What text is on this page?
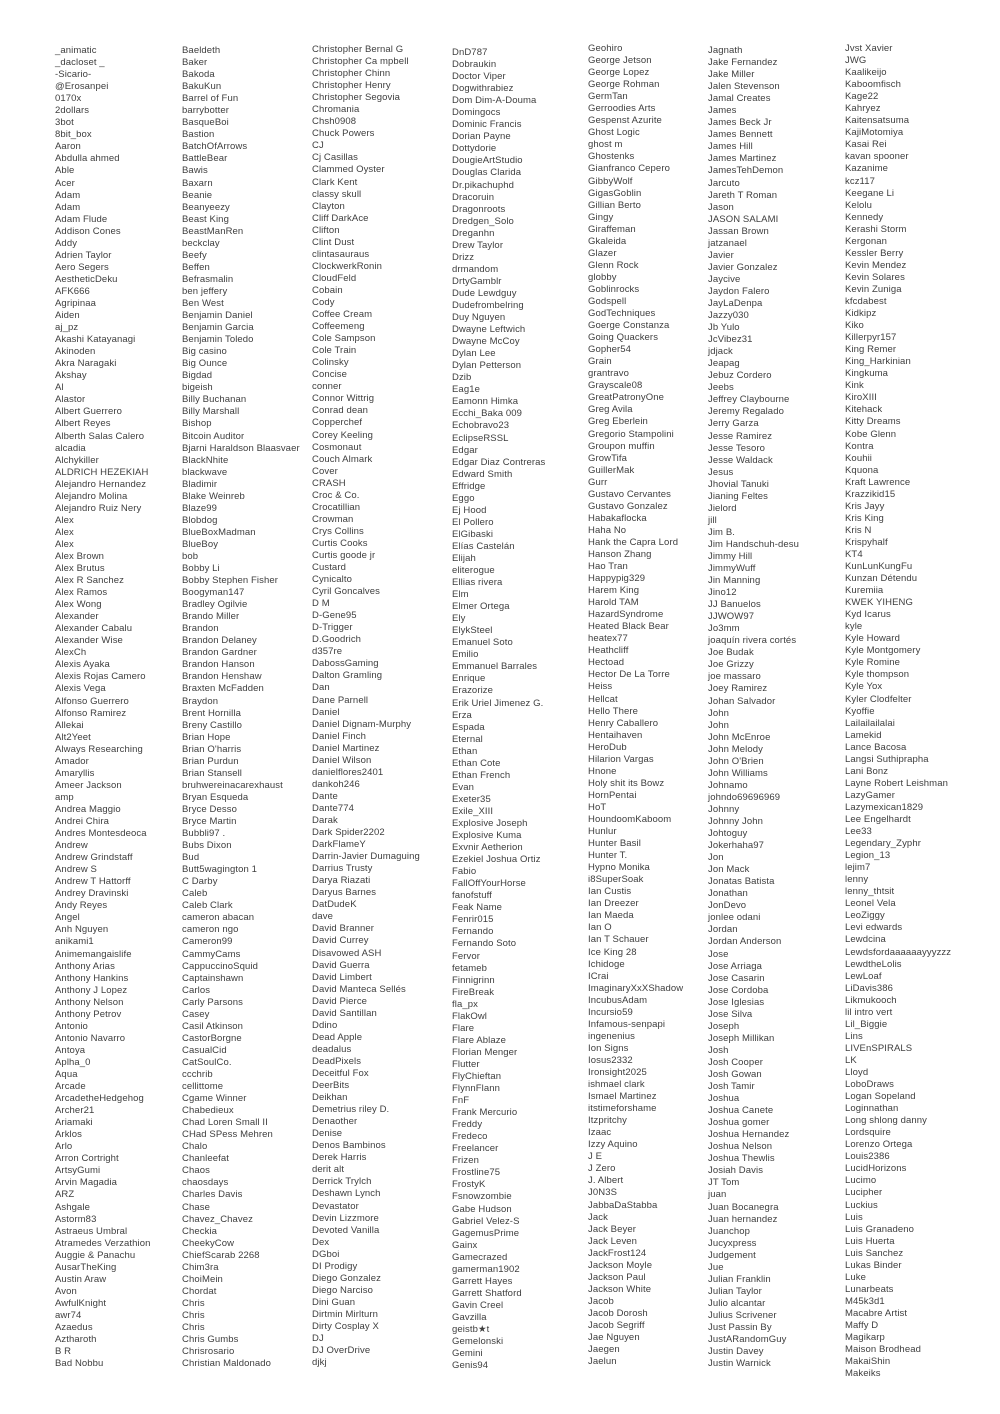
_animatic
_dacloset _
-Sicario-
@Erosanpei
0170x
2dollars
3bot
8bit_box
Aaron
Abdulla ahmed
Able
Acer
Adam
Adam
Adam Flude
Addison Cones
Addy
Adrien Taylor
Aero Segers
AestheticDeku
AFK666
Agripinaa
Aiden
aj_pz
Akashi Katayanagi
Akinoden
Akra Naragaki
Akshay
Al
Alastor
Albert Guerrero
Albert Reyes
Alberth Salas Calero
alcadia
Alchykiller
ALDRICH HEZEKIAH
Alejandro Hernandez
Alejandro Molina
Alejandro Ruiz Nery
Alex
Alex
Alex
Alex Brown
Alex Brutus
Alex R Sanchez
Alex Ramos
Alex Wong
Alexander
Alexander Cabalu
Alexander Wise
AlexCh
Alexis Ayaka
Alexis Rojas Camero
Alexis Vega
Alfonso Guerrero
Alfonso Ramirez
Allekai
Alt2Yeet
Always Researching
Amador
Amaryllis
Ameer Jackson
amp
Andrea Maggio
Andrei Chira
Andres Montesdeoca
Andrew
Andrew Grindstaff
Andrew S
Andrew T Hattorff
Andrey Dravinski
Andy Reyes
Angel
Anh Nguyen
anikami1
Animemangaislife
Anthony Arias
Anthony Hankins
Anthony J Lopez
Anthony Nelson
Anthony Petrov
Antonio
Antonio Navarro
Antoya
Aplha_0
Aqua
Arcade
ArcadetheHedgehog
Archer21
Ariamaki
Arklos
Arlo
Arron Cortright
ArtsyGumi
Arvin Magadia
ARZ
Ashgale
Astorm83
Astraeus Umbral
Atramedes Verzathion
Auggie & Panachu
AusarTheKing
Austin Araw
Avon
AwfulKnight
awr74
Azaedus
Aztharoth
B R
Bad Nobbu
Baeldeth
Baker
Bakoda
BakuKun
Barrel of Fun
barrybotter
BasqueBoi
Bastion
BatchOfArrows
BattleBear
Bawis
Baxarn
Beanie
Beanyeezy
Beast King
BeastManRen
beckclay
Beefy
Beffen
Befrasmalin
ben jeffery
Ben West
Benjamin Daniel
Benjamin Garcia
Benjamin Toledo
Big casino
Big Ounce
Bigdad
bigeish
Billy Buchanan
Billy Marshall
Bishop
Bitcoin Auditor
Bjarni Haraldson Blaasvaer
BlackNhite
blackwave
Bladimir
Blake Weinreb
Blaze99
Blobdog
BlueBoxMadman
BlueBoy
bob
Bobby Li
Bobby Stephen Fisher
Boogyman147
Bradley Ogilvie
Brando Miller
Brandon
Brandon Delaney
Brandon Gardner
Brandon Hanson
Brandon Henshaw
Braxten McFadden
Braydon
Brent Hornilla
Breny Castillo
Brian Hope
Brian O'harris
Brian Purdun
Brian Stansell
bruhwereinacarexhaust
Bryan Esqueda
Bryce Desso
Bryce Martin
Bubbli97 .
Bubs Dixon
Bud
Butt5wagington 1
C Darby
Caleb
Caleb Clark
cameron abacan
cameron ngo
Cameron99
CammyCams
CappuccinoSquid
Captainshawn
Carlos
Carly Parsons
Casey
Casil Atkinson
CastorBorgne
CasualCid
CatSoulCo.
ccchrib
cellittome
Cgame Winner
Chabedieux
Chad Loren Small II
CHad SPess Mehren
Chalo
Chanleefat
Chaos
chaosdays
Charles Davis
Chase
Chavez_Chavez
Checkia
CheekyCow
ChiefScarab 2268
Chim3ra
ChoiMein
Chordat
Chris
Chris
Chris
Chris Gumbs
Chrisrosario
Christian Maldonado
Christopher Bernal G
Christopher Ca mpbell
Christopher Chinn
Christopher Henry
Christopher Segovia
Chromania
Chsh0908
Chuck Powers
CJ
Cj Casillas
Clammed Oyster
Clark Kent
classy skull
Clayton
Cliff DarkAce
Clifton
Clint Dust
clintasauraus
ClockwerkRonin
CloudFeld
Cobain
Cody
Coffee Cream
Coffeemeng
Cole Sampson
Cole Train
Colinsky
Concise
conner
Connor Wittrig
Conrad dean
Copperchef
Corey Keeling
Cosmonaut
Couch Almark
Cover
CRASH
Croc & Co.
Crocatillian
Crowman
Crys Collins
Curtis Cooks
Curtis goode jr
Custard
Cynicalto
Cyril Goncalves
D M
D-Gene95
D-Trigger
D.Goodrich
d357re
DabossGaming
Dalton Gramling
Dan
Dane Parnell
Daniel
Daniel Dignam-Murphy
Daniel Finch
Daniel Martinez
Daniel Wilson
danielflores2401
dankoh246
Dante
Dante774
Darak
Dark Spider2202
DarkFlameY
Darrin-Javier Dumaguing
Darrius Trusty
Darya Riazati
Daryus Barnes
DatDudeK
dave
David Branner
David Currey
Disavowed ASH
David Guerra
David Limbert
David Manteca Sellés
David Pierce
David Santillan
Ddino
Dead Apple
deadalus
DeadPixels
Deceitful Fox
DeerBits
Deikhan
Demetrius riley D.
Denaother
Denise
Denos Bambinos
Derek Harris
derit alt
Derrick Trylch
Deshawn Lynch
Devastator
Devin Lizzmore
Devoted Vanilla
Dex
DGboi
DI Prodigy
Diego Gonzalez
Diego Narciso
Dini Guan
Dirtmin Mirlturn
Dirty Cosplay X
DJ
DJ OverDrive
djkj
DnD787
Dobraukin
Doctor Viper
Dogwithrabiez
Dom Dim-A-Douma
Domingocs
Dominic Francis
Dorian Payne
Dottydorie
DougieArtStudio
Douglas Clarida
Dr.pikachuphd
Dracoruin
Dragonroots
Dredgen_Solo
Dreganhn
Drew Taylor
Drizz
drmandom
DrtyGamblr
Dude Lewdguy
Dudefrombelring
Duy Nguyen
Dwayne Leftwich
Dwayne McCoy
Dylan Lee
Dylan Petterson
Dzib
Eag1e
Eamonn Himka
Ecchi_Baka 009
Echobravo23
EclipseRSSL
Edgar
Edgar Diaz Contreras
Edward Smith
Effridge
Eggo
Ej Hood
El Pollero
ElGibaski
Elías Castelán
Elijah
eliterogue
Ellias rivera
Elm
Elmer Ortega
Ely
ElykSteel
Emanuel Soto
Emilio
Emmanuel Barrales
Enrique
Erazorize
Erik Uriel Jimenez G.
Erza
Espada
Eternal
Ethan
Ethan Cote
Ethan French
Evan
Exeter35
Exile_XIII
Explosive Joseph
Explosive Kuma
Exvnir Aetherion
Ezekiel Joshua Ortiz
Fabio
FallOffYourHorse
fanofstuff
Feak Name
Fenrir015
Fernando
Fernando Soto
Fervor
fetameb
Finnigrinn
FireBreak
fla_px
FlakOwl
Flare
Flare Ablaze
Florian Menger
Flutter
FlyChieftan
FlynnFlann
FnF
Frank Mercurio
Freddy
Fredeco
Freelancer
Frizen
Frostline75
FrostyK
Fsnowzombie
Gabe Hudson
Gabriel Velez-S
GagemusPrime
Gainx
Gamecrazed
gamerman1902
Garrett Hayes
Garrett Shatford
Gavin Creel
Gavzilla
geistb★t
Gemelonski
Gemini
Genis94
Geohiro
George Jetson
George Lopez
George Rohman
GermTan
Gerroodies Arts
Gespenst Azurite
Ghost Logic
ghost m
Ghostenks
Gianfranco Cepero
GibbyWolf
GigasGoblin
Gillian Berto
Gingy
Giraffeman
Gkaleida
Glazer
Glenn Rock
globby
Goblinrocks
Godspell
GodTechniques
Goerge Constanza
Going Quackers
Gopher54
Grain
grantravo
Grayscale08
GreatPatronyOne
Greg Avila
Greg Eberlein
Gregorio Stampolini
Groupon muffin
GrowTifa
GuillerMak
Gurr
Gustavo Cervantes
Gustavo Gonzalez
Habakaflocka
Haha No
Hank the Capra Lord
Hanson Zhang
Hao Tran
Happypig329
Harem King
Harold TAM
HazardSyndrome
Heated Black Bear
heatex77
Heathcliff
Hectoad
Hector De La Torre
Heiss
Hellcat
Hello There
Henry Caballero
Hentaihaven
HeroDub
Hilarion Vargas
Hnone
Holy shit its Bowz
HornPentai
HoT
HoundoomKaboom
Hunlur
Hunter Basil
Hunter T.
Hypno Monika
i8SuperSoak
Ian Custis
Ian Dreezer
Ian Maeda
Ian O
Ian T Schauer
Ice King 28
Ichidoge
ICrai
ImaginaryXxXShadow
IncubusAdam
Incursio59
Infamous-senpapi
ingenenius
Ion Signs
Iosus2332
Ironsight2025
ishmael clark
Ismael Martinez
itstimeforshame
Itzpritchy
Izaac
Izzy Aquino
J E
J Zero
J. Albert
J0N3S
JabbaDaStabba
Jack
Jack Beyer
Jack Leven
JackFrost124
Jackson Moyle
Jackson Paul
Jackson White
Jacob
Jacob Dorosh
Jacob Segriff
Jae Nguyen
Jaegen
Jaelun
Jagnath
Jake Fernandez
Jake Miller
Jalen Stevenson
Jamal Creates
James
James Beck Jr
James Bennett
James Hill
James Martinez
JamesTehDemon
Jarcuto
Jareth T Roman
Jason
JASON SALAMI
Jassan Brown
jatzanael
Javier
Javier Gonzalez
Jaycive
Jaydon Falero
JayLaDenpa
Jazzy030
Jb Yulo
JcVibez31
jdjack
Jeapag
Jebuz Cordero
Jeebs
Jeffrey Claybourne
Jeremy Regalado
Jerry Garza
Jesse Ramirez
Jesse Tesoro
Jesse Waldack
Jesus
Jhovial Tanuki
Jianing Feltes
Jielord
jill
Jim B.
Jim Handschuh-desu
Jimmy Hill
JimmyWuff
Jin Manning
Jino12
JJ Banuelos
JJWOW97
Jo3mm
joaquín rivera cortés
Joe Budak
Joe Grizzy
joe massaro
Joey Ramirez
Johan Salvador
John
John
John McEnroe
John Melody
John O'Brien
John Williams
Johnamo
johndo69696969
Johnny
Johnny John
Johtoguy
Jokerhaha97
Jon
Jon Mack
Jonatas Batista
Jonathan
JonDevo
jonlee odani
Jordan
Jordan Anderson
Jose
Jose Arriaga
Jose Casarin
Jose Cordoba
Jose Iglesias
Jose Silva
Joseph
Joseph Millikan
Josh
Josh Cooper
Josh Gowan
Josh Tamir
Joshua
Joshua Canete
Joshua gomer
Joshua Hernandez
Joshua Nelson
Joshua Thewlis
Josiah Davis
JT Tom
juan
Juan Bocanegra
Juan hernandez
Juanchop
Jucyxpress
Judgement
Jue
Julian Franklin
Julian Taylor
Julio alcantar
Julius Scrivener
Just Passin By
JustARandomGuy
Justin Davey
Justin Warnick
Jvst Xavier
JWG
Kaalikeijo
Kaboomfisch
Kage22
Kahryez
Kaitensatsuma
KajiMotomiya
Kasai Rei
kavan spooner
Kazanime
kcz117
Keegane Li
Kelolu
Kennedy
Kerashi Storm
Kergonan
Kessler Berry
Kevin Mendez
Kevin Solares
Kevin Zuniga
kfcdabest
Kidkipz
Kiko
Killerpyr157
King Remer
King_Harkinian
Kingkuma
Kink
KiroXIII
Kitehack
Kitty Dreams
Kobe Glenn
Kontra
Kouhii
Kquona
Kraft Lawrence
Krazzikid15
Kris Jayy
Kris King
Kris N
Krispyhalf
KT4
KunLunKungFu
Kunzan Détendu
Kuremiia
KWEK YIHENG
Kyd Icarus
kyle
Kyle Howard
Kyle Montgomery
Kyle Romine
Kyle thompson
Kyle Yox
Kyler Clodfelter
Kyoffie
Lailailailalai
Lamekid
Lance Bacosa
Langsi Suthiprapha
Lani Bonz
Layne Robert Leishman
LazyGamer
Lazymexican1829
Lee Engelhardt
Lee33
Legendary_Zyphr
Legion_13
lejim7
lenny
lenny_thtsit
Leonel Vela
LeoZiggy
Levi edwards
Lewdcina
Lewdsfordaaaaaayyyzzz
LewdtheLolis
LewLoaf
LiDavis386
Likmukooch
lil intro vert
Lil_Biggie
Lins
LIVEnSPIRALS
LK
Lloyd
LoboDraws
Logan Sopeland
Loginnathan
Long shlong danny
Lordsquire
Lorenzo Ortega
Louis2386
LucidHorizons
Lucimo
Lucipher
Luckius
Luis
Luis Granadeno
Luis Huerta
Luis Sanchez
Lukas Binder
Luke
Lunarbeats
M45k3d1
Macabre Artist
Maffy D
Magikarp
Maison Brodhead
MakaiShin
Makeiks
